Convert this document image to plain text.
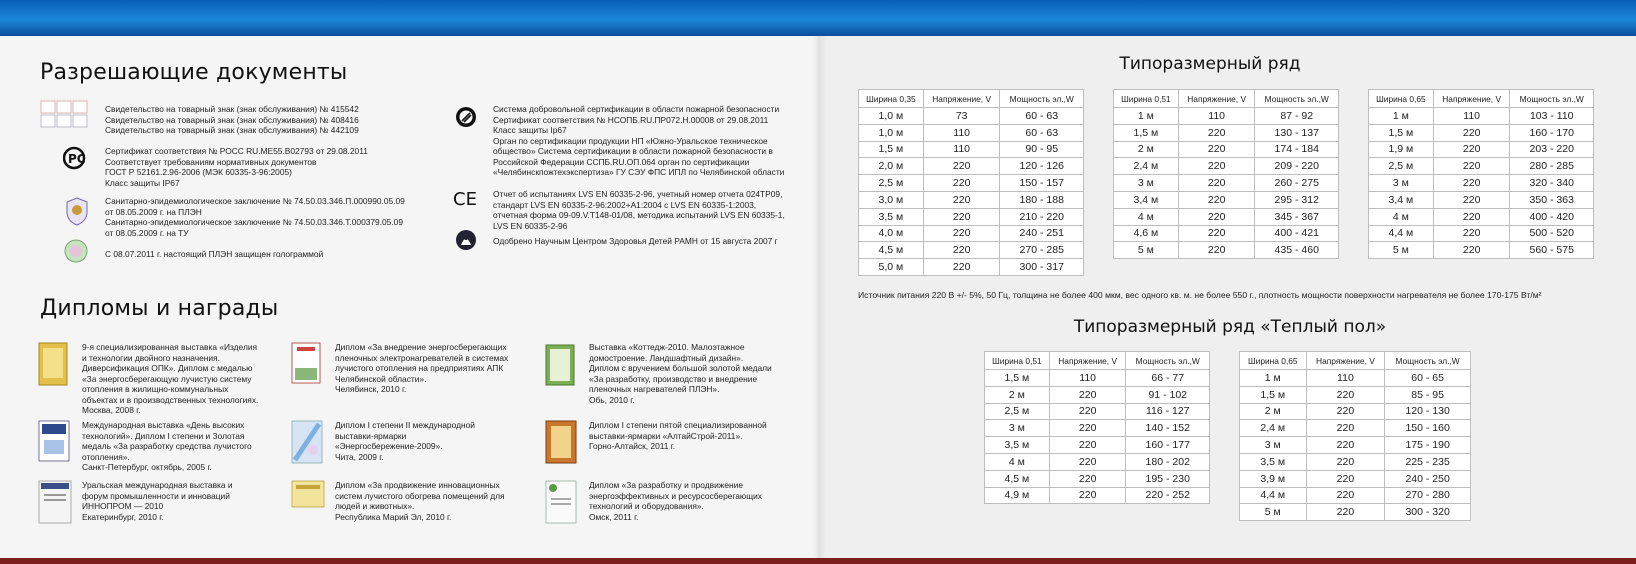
Разрешающие документы
Свидетельство на товарный знак (знак обслуживания) № 415542
Свидетельство на товарный знак (знак обслуживания) № 408416
Свидетельство на товарный знак (знак обслуживания) № 442109
PC
Сертификат соответствия № РОСС RU.МЕ55.В02793 от 29.08.2011
Соответствует требованиям нормативных документов
ГОСТ Р 52161.2.96-2006 (МЭК 60335-3-96:2005)
Класс защиты IP67
Санитарно-эпидемиологическое заключение № 74.50.03.346.П.000990.05.09
от 08.05.2009 г. на ПЛЭН
Санитарно-эпидемиологическое заключение № 74.50.03.346.Т.000379.05.09
от 08.05.2009 г. на ТУ
С 08.07.2011 г. настоящий ПЛЭН защищен голограммой
Система добровольной сертификации в области пожарной безопасности
Сертификат соответствия № НСОПБ.RU.ПР072.Н.00008 от 29.08.2011
Класс защиты Ip67
Орган по сертификации продукции НП «Южно-Уральское техническое
общество» Система сертификации в области пожарной безопасности в
Российской Федерации ССПБ.RU.ОП.064 орган по сертификации
«Челябинскпожтехэкспертиза» ГУ СЭУ ФПС ИПЛ по Челябинской области
CE Отчет об испытаниях LVS EN 60335-2-96, учетный номер отчета 024TP09,
стандарт LVS EN 60335-2-96:2002+A1:2004 с LVS EN 60335-1:2003,
отчетная форма 09-09.V.T148-01/08, методика испытаний LVS EN 60335-1,
LVS EN 60335-2-96
Одобрено Научным Центром Здоровья Детей РАМН от 15 августа 2007 г
Дипломы и награды
9-я специализированная выставка «Изделия
и технологии двойного назначения.
Диверсификация ОПК». Диплом с медалью
«За энергосберегающую лучистую систему
отопления в жилищно-коммунальных
объектах и в производственных технологиях.
Москва, 2008 г.
Диплом «За внедрение энергосберегающих
пленочных электронагревателей в системах
лучистого отопления на предприятиях АПК
Челябинской области».
Челябинск, 2010 г.
Выставка «Коттедж-2010. Малоэтажное
домостроение. Ландшафтный дизайн».
Диплом с вручением большой золотой медали
«За разработку, производство и внедрение
пленочных нагревателей ПЛЭН».
Обь, 2010 г.
Международная выставка «День высоких
технологий». Диплом I степени и Золотая
медаль «За разработку средства лучистого
отопления».
Санкт-Петербург, октябрь, 2005 г.
Диплом I степени II международной
выставки-ярмарки
«Энергосбережение-2009».
Чита, 2009 г.
Диплом I степени пятой специализированной
выставки-ярмарки «АлтайСтрой-2011».
Горно-Алтайск, 2011 г.
Уральская международная выставка и
форум промышленности и инноваций
ИННОПРОМ — 2010
Екатеринбург, 2010 г.
Диплом «За продвижение инновационных
систем лучистого обогрева помещений для
людей и животных».
Республика Марий Эл, 2010 г.
Диплом «За разработку и продвижение
энергоэффективных и ресурсосберегающих
технологий и оборудования».
Омск, 2011 г.
Типоразмерный ряд
Ширина 0,35	Напряжение, V	Мощность эл.,W
1,0 м	73	60 - 63
1,0 м	110	60 - 63
1,5 м	110	90 - 95
2,0 м	220	120 - 126
2,5 м	220	150 - 157
3,0 м	220	180 - 188
3,5 м	220	210 - 220
4,0 м	220	240 - 251
4,5 м	220	270 - 285
5,0 м	220	300 - 317
Ширина 0,51	Напряжение, V	Мощность эл.,W
1 м	110	87 - 92
1,5 м	220	130 - 137
2 м	220	174 - 184
2,4 м	220	209 - 220
3 м	220	260 - 275
3,4 м	220	295 - 312
4 м	220	345 - 367
4,6 м	220	400 - 421
5 м	220	435 - 460
Ширина 0,65	Напряжение, V	Мощность эл.,W
1 м	110	103 - 110
1,5 м	220	160 - 170
1,9 м	220	203 - 220
2,5 м	220	280 - 285
3 м	220	320 - 340
3,4 м	220	350 - 363
4 м	220	400 - 420
4,4 м	220	500 - 520
5 м	220	560 - 575
Источник питания 220 В +/- 5%, 50 Гц, толщина не более 400 мкм, вес одного кв. м. не более 550 г., плотность мощности поверхности нагревателя не более 170-175 Вт/м²
Типоразмерный ряд «Теплый пол»
Ширина 0,51	Напряжение, V	Мощность эл.,W
1,5 м	110	66 - 77
2 м	220	91 - 102
2,5 м	220	116 - 127
3 м	220	140 - 152
3,5 м	220	160 - 177
4 м	220	180 - 202
4,5 м	220	195 - 230
4,9 м	220	220 - 252
Ширина 0,65	Напряжение, V	Мощность эл.,W
1 м	110	60 - 65
1,5 м	220	85 - 95
2 м	220	120 - 130
2,4 м	220	150 - 160
3 м	220	175 - 190
3,5 м	220	225 - 235
3,9 м	220	240 - 250
4,4 м	220	270 - 280
5 м	220	300 - 320
